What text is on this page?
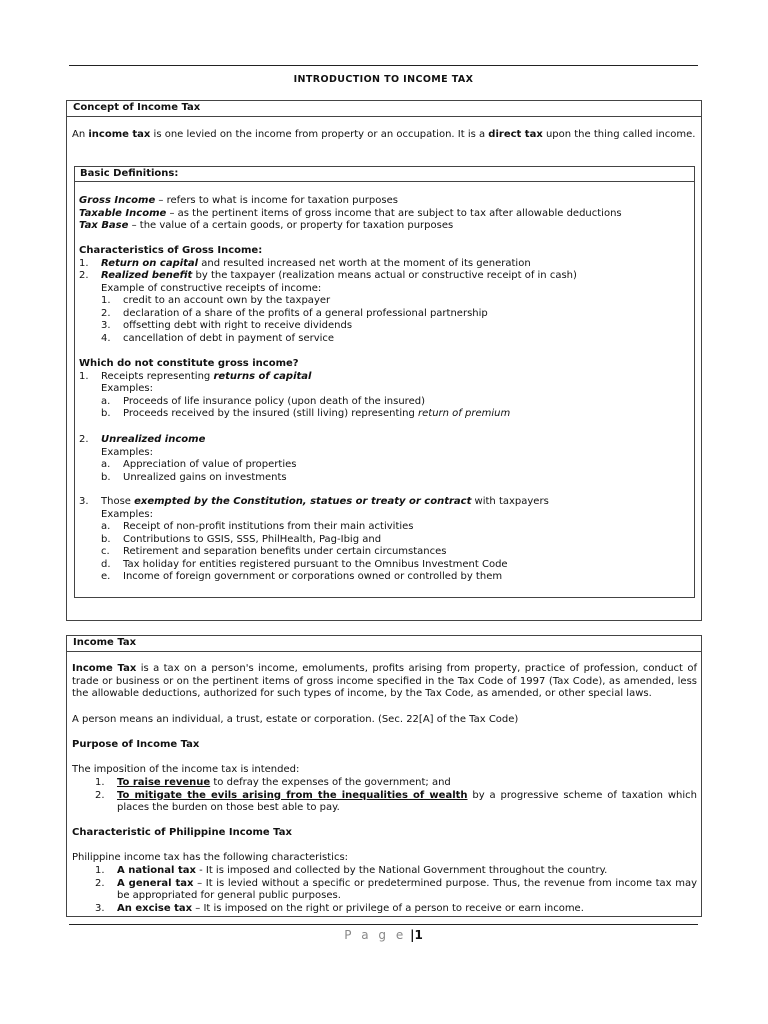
INTRODUCTION TO INCOME TAX
Concept of Income Tax
An income tax is one levied on the income from property or an occupation. It is a direct tax upon the thing called income.
Basic Definitions:
Gross Income – refers to what is income for taxation purposes
Taxable Income – as the pertinent items of gross income that are subject to tax after allowable deductions
Tax Base – the value of a certain goods, or property for taxation purposes
Characteristics of Gross Income:
1. Return on capital and resulted increased net worth at the moment of its generation
2. Realized benefit by the taxpayer (realization means actual or constructive receipt of in cash)
Example of constructive receipts of income:
1. credit to an account own by the taxpayer
2. declaration of a share of the profits of a general professional partnership
3. offsetting debt with right to receive dividends
4. cancellation of debt in payment of service
Which do not constitute gross income?
1. Receipts representing returns of capital
Examples:
a. Proceeds of life insurance policy (upon death of the insured)
b. Proceeds received by the insured (still living) representing return of premium
2. Unrealized income
Examples:
a. Appreciation of value of properties
b. Unrealized gains on investments
3. Those exempted by the Constitution, statues or treaty or contract with taxpayers
Examples:
a. Receipt of non-profit institutions from their main activities
b. Contributions to GSIS, SSS, PhilHealth, Pag-Ibig and
c. Retirement and separation benefits under certain circumstances
d. Tax holiday for entities registered pursuant to the Omnibus Investment Code
e. Income of foreign government or corporations owned or controlled by them
Income Tax
Income Tax is a tax on a person's income, emoluments, profits arising from property, practice of profession, conduct of trade or business or on the pertinent items of gross income specified in the Tax Code of 1997 (Tax Code), as amended, less the allowable deductions, authorized for such types of income, by the Tax Code, as amended, or other special laws.
A person means an individual, a trust, estate or corporation. (Sec. 22[A] of the Tax Code)
Purpose of Income Tax
The imposition of the income tax is intended:
1. To raise revenue to defray the expenses of the government; and
2. To mitigate the evils arising from the inequalities of wealth by a progressive scheme of taxation which places the burden on those best able to pay.
Characteristic of Philippine Income Tax
Philippine income tax has the following characteristics:
1. A national tax - It is imposed and collected by the National Government throughout the country.
2. A general tax – It is levied without a specific or predetermined purpose. Thus, the revenue from income tax may be appropriated for general public purposes.
3. An excise tax – It is imposed on the right or privilege of a person to receive or earn income.
P a g e |1
